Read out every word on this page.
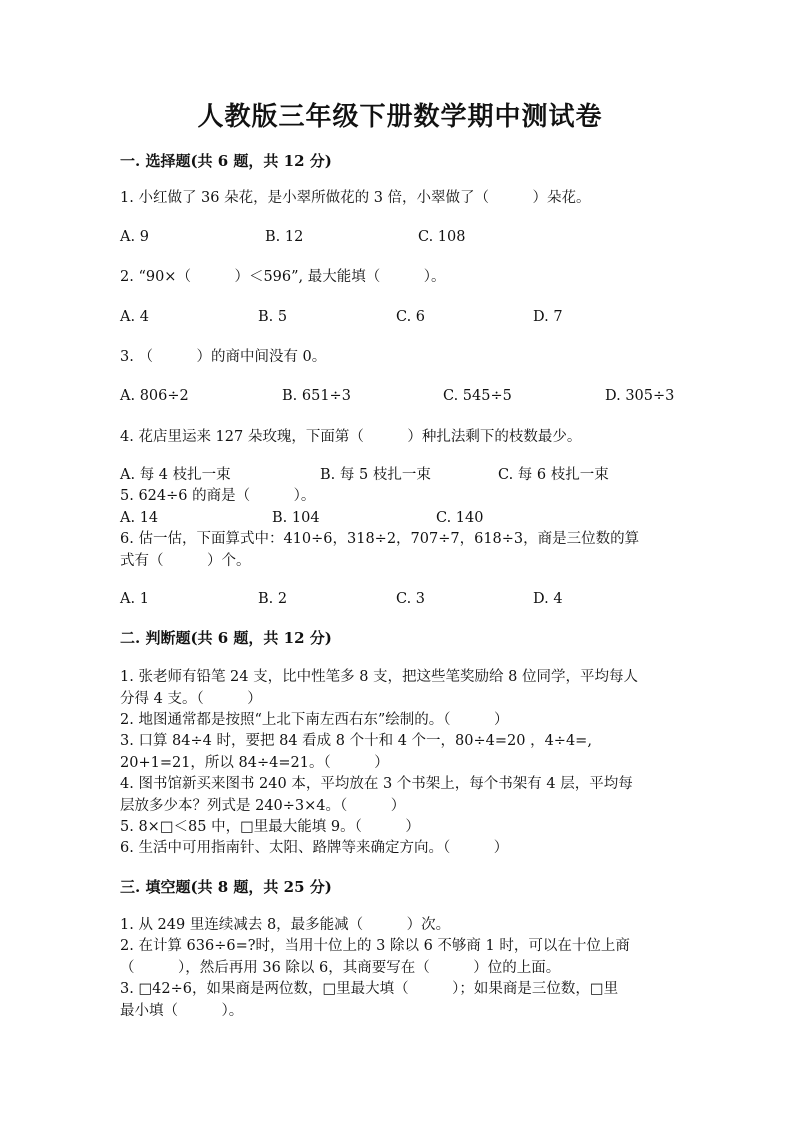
人教版三年级下册数学期中测试卷
一. 选择题(共 6 题，共 12 分)
1. 小红做了 36 朵花，是小翠所做花的 3 倍，小翠做了（　　　）朵花。
A. 9	B. 12	C. 108
2. “90×（　　　）＜596”, 最大能填（　　　）。
A. 4	B. 5	C. 6	D. 7
3. （　　　）的商中间没有 0。
A. 806÷2	B. 651÷3	C. 545÷5	D. 305÷3
4. 花店里运来 127 朵玫瑰，下面第（　　　）种扎法剩下的枝数最少。
A. 每 4 枝扎一束	B. 每 5 枝扎一束	C. 每 6 枝扎一束
5. 624÷6 的商是（　　　）。
A. 14	B. 104	C. 140
6. 估一估，下面算式中：410÷6，318÷2，707÷7，618÷3，商是三位数的算
式有（　　　）个。
A. 1	B. 2	C. 3	D. 4
二. 判断题(共 6 题，共 12 分)
1. 张老师有铅笔 24 支，比中性笔多 8 支，把这些笔奖励给 8 位同学，平均每人
分得 4 支。（　　　）
2. 地图通常都是按照“上北下南左西右东”绘制的。（　　　）
3. 口算 84÷4 时，要把 84 看成 8 个十和 4 个一，80÷4=20 ，4÷4=,
20+1=21，所以 84÷4=21。（　　　）
4. 图书馆新买来图书 240 本，平均放在 3 个书架上，每个书架有 4 层，平均每
层放多少本？列式是 240÷3×4。（　　　）
5. 8×□＜85 中，□里最大能填 9。（　　　）
6. 生活中可用指南针、太阳、路牌等来确定方向。（　　　）
三. 填空题(共 8 题，共 25 分)
1. 从 249 里连续减去 8，最多能减（　　　）次。
2. 在计算 636÷6=?时，当用十位上的 3 除以 6 不够商 1 时，可以在十位上商
（　　　），然后再用 36 除以 6，其商要写在（　　　）位的上面。
3. □42÷6，如果商是两位数，□里最大填（　　　）；如果商是三位数，□里
最小填（　　　）。
